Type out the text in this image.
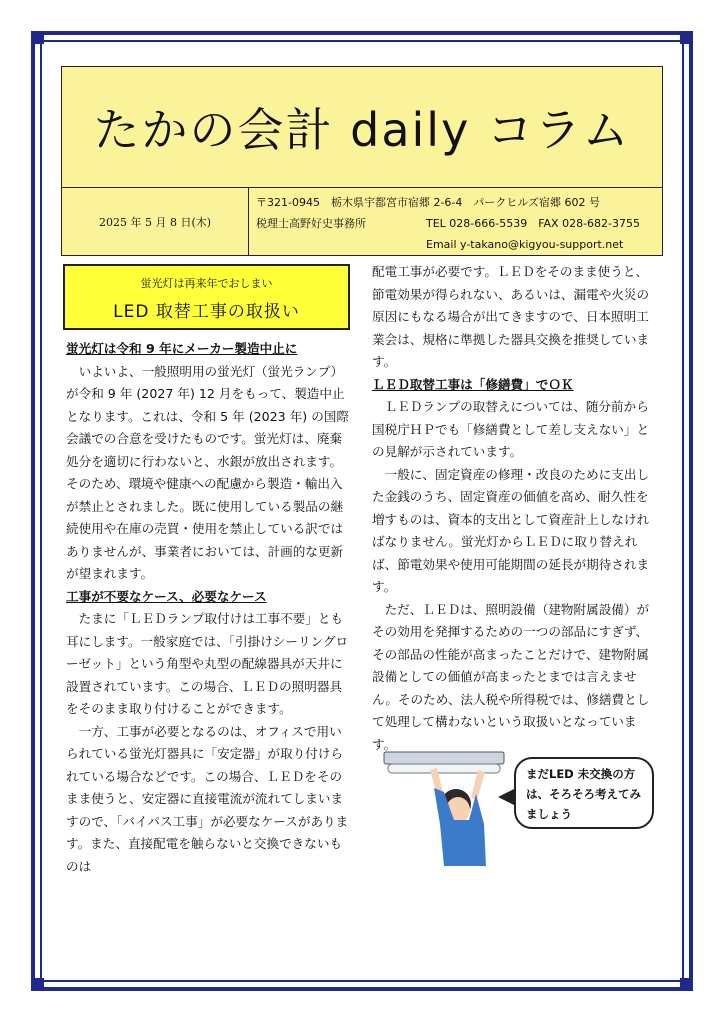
たかの会計 daily コラム
2025 年 5 月 8 日(木)
〒321-0945　栃木県宇都宮市宿郷 2-6-4　パークヒルズ宿郷 602 号
税理士高野好史事務所	TEL 028-666-5539　FAX 028-682-3755
Email y-takano@kigyou-support.net
蛍光灯は再来年でおしまい
LED 取替工事の取扱い

蛍光灯は令和 9 年にメーカー製造中止に

　いよいよ、一般照明用の蛍光灯（蛍光ランプ）が令和 9 年 (2027 年) 12 月をもって、製造中止となります。これは、令和 5 年 (2023 年) の国際会議での合意を受けたものです。蛍光灯は、廃棄処分を適切に行わないと、水銀が放出されます。そのため、環境や健康への配慮から製造・輸出入が禁止とされました。既に使用している製品の継続使用や在庫の売買・使用を禁止している訳ではありませんが、事業者においては、計画的な更新が望まれます。

工事が不要なケース、必要なケース

　たまに「ＬＥＤランプ取付けは工事不要」とも耳にします。一般家庭では、「引掛けシーリングローゼット」という角型や丸型の配線器具が天井に設置されています。この場合、ＬＥＤの照明器具をそのまま取り付けることができます。

　一方、工事が必要となるのは、オフィスで用いられている蛍光灯器具に「安定器」が取り付けられている場合などです。この場合、ＬＥＤをそのまま使うと、安定器に直接電流が流れてしまいますので、「バイパス工事」が必要なケースがあります。また、直接配電を触らないと交換できないものは

配電工事が必要です。ＬＥＤをそのまま使うと、節電効果が得られない、あるいは、漏電や火災の原因にもなる場合が出てきますので、日本照明工業会は、規格に準拠した器具交換を推奨しています。

ＬＥＤ取替工事は「修繕費」でＯＫ

　ＬＥＤランプの取替えについては、随分前から国税庁ＨＰでも「修繕費として差し支えない」との見解が示されています。

　一般に、固定資産の修理・改良のために支出した金銭のうち、固定資産の価値を高め、耐久性を増すものは、資本的支出として資産計上しなければなりません。蛍光灯からＬＥＤに取り替えれば、節電効果や使用可能期間の延長が期待されます。

　ただ、ＬＥＤは、照明設備（建物附属設備）がその効用を発揮するための一つの部品にすぎず、その部品の性能が高まったことだけで、建物附属設備としての価値が高まったとまでは言えません。そのため、法人税や所得税では、修繕費として処理して構わないという取扱いとなっています。

まだLED 未交換の方は、そろそろ考えてみましょう
